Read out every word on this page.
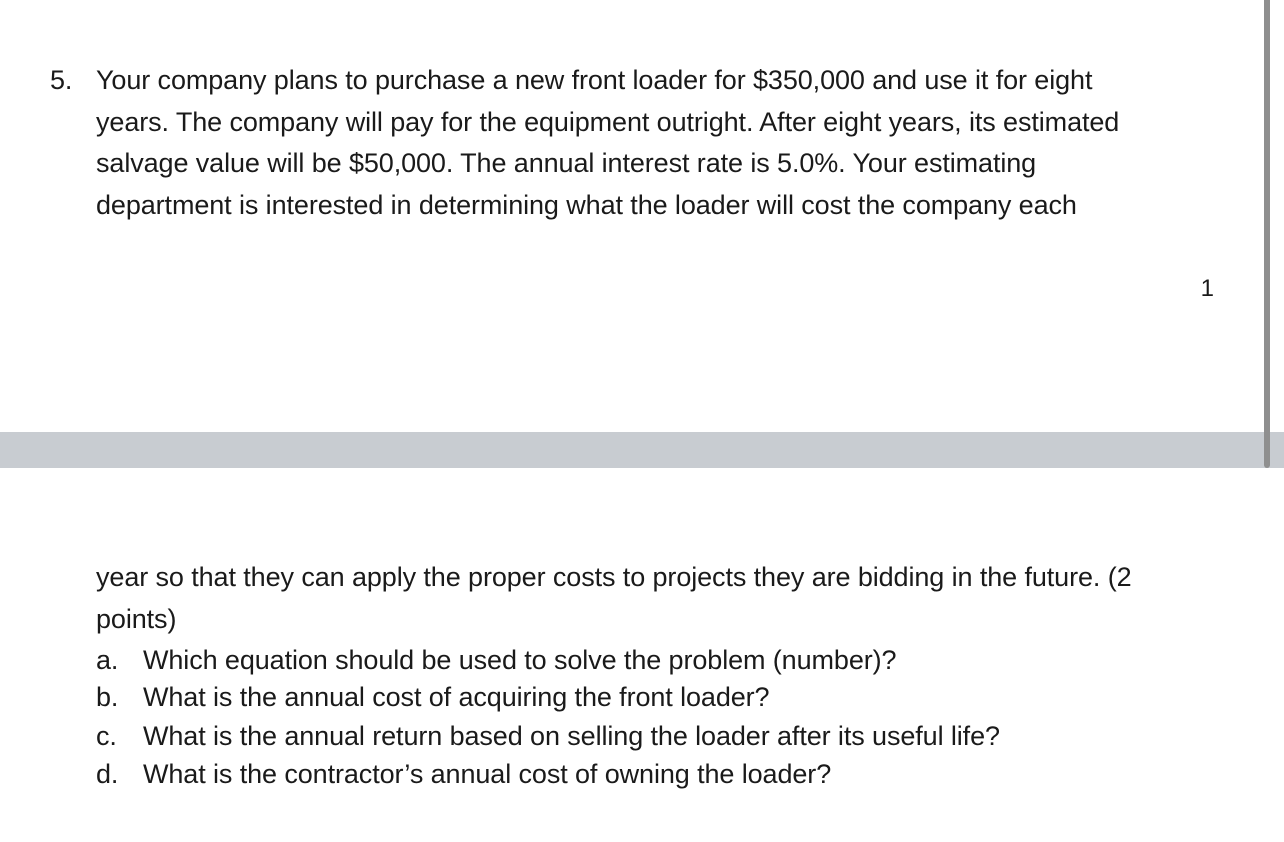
5. Your company plans to purchase a new front loader for $350,000 and use it for eight
years. The company will pay for the equipment outright. After eight years, its estimated
salvage value will be $50,000. The annual interest rate is 5.0%. Your estimating
department is interested in determining what the loader will cost the company each
1
year so that they can apply the proper costs to projects they are bidding in the future. (2
points)
a. Which equation should be used to solve the problem (number)?
b. What is the annual cost of acquiring the front loader?
c. What is the annual return based on selling the loader after its useful life?
d. What is the contractor’s annual cost of owning the loader?
